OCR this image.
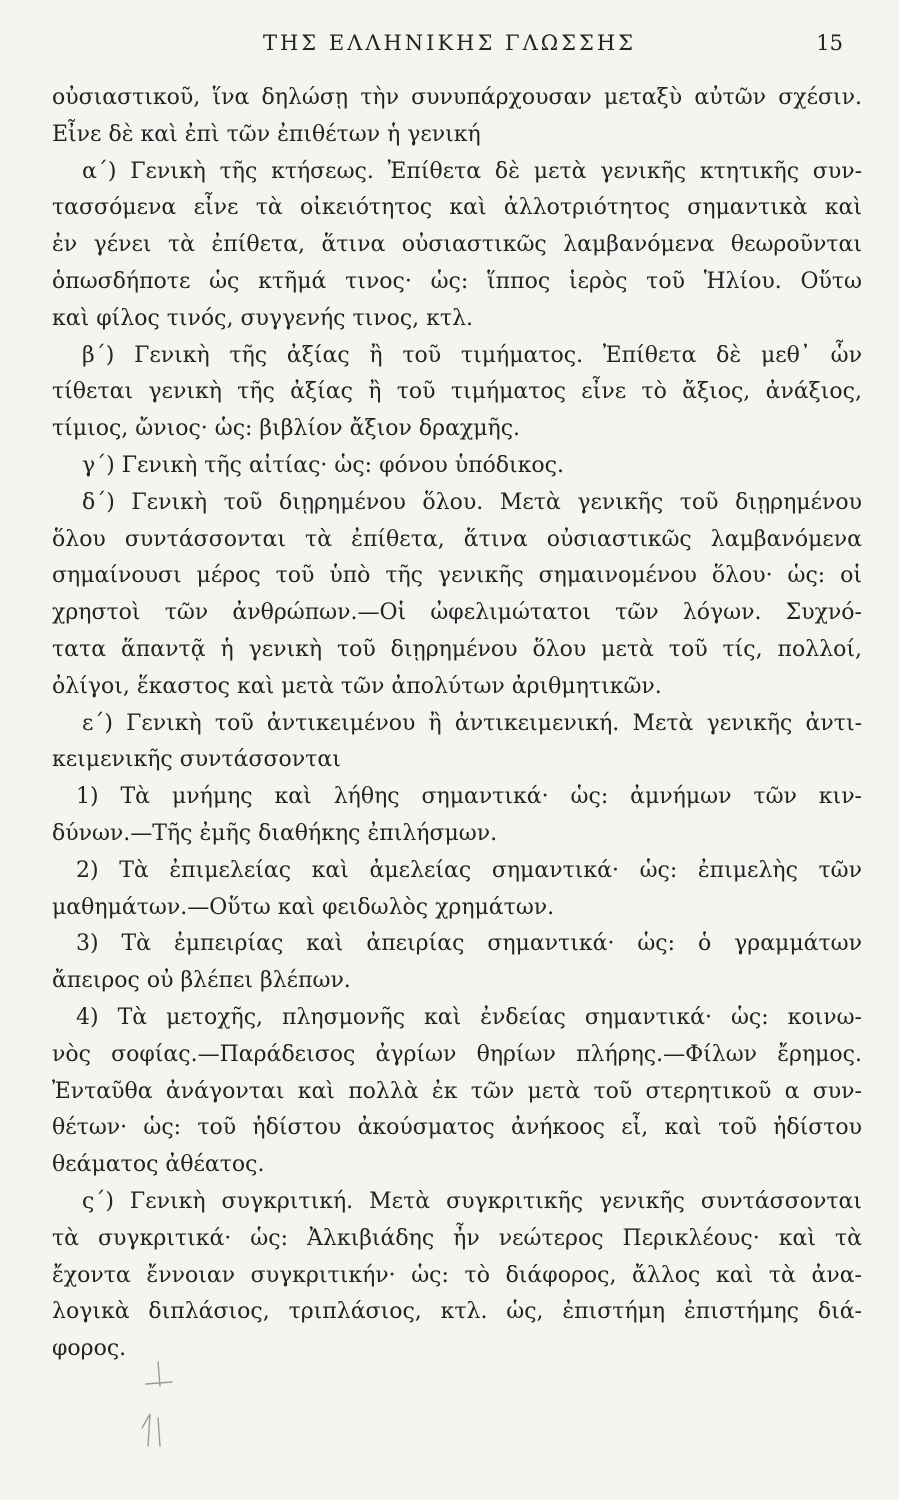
ΤΗΣ ΕΛΛΗΝΙΚΗΣ ΓΛΩΣΣΗΣ	15
οὐσιαστικοῦ, ἵνα δηλώσῃ τὴν συνυπάρχουσαν μεταξὺ αὐτῶν σχέσιν.
Εἶνε δὲ καὶ ἐπὶ τῶν ἐπιθέτων ἡ γενική
α΄) Γενικὴ τῆς κτήσεως. Ἐπίθετα δὲ μετὰ γενικῆς κτητικῆς συν-
τασσόμενα εἶνε τὰ οἰκειότητος καὶ ἀλλοτριότητος σημαντικὰ καὶ
ἐν γένει τὰ ἐπίθετα, ἅτινα οὐσιαστικῶς λαμβανόμενα θεωροῦνται
ὁπωσδήποτε ὡς κτῆμά τινος· ὡς: ἵππος ἱερὸς τοῦ Ἡλίου. Οὕτω
καὶ φίλος τινός, συγγενής τινος, κτλ.
β΄) Γενικὴ τῆς ἀξίας ἢ τοῦ τιμήματος. Ἐπίθετα δὲ μεθ᾽ ὧν
τίθεται γενικὴ τῆς ἀξίας ἢ τοῦ τιμήματος εἶνε τὸ ἄξιος, ἀνάξιος,
τίμιος, ὤνιος· ὡς: βιβλίον ἄξιον δραχμῆς.
γ΄) Γενικὴ τῆς αἰτίας· ὡς: φόνου ὑπόδικος.
δ΄) Γενικὴ τοῦ διῃρημένου ὅλου. Μετὰ γενικῆς τοῦ διῃρημένου
ὅλου συντάσσονται τὰ ἐπίθετα, ἅτινα οὐσιαστικῶς λαμβανόμενα
σημαίνουσι μέρος τοῦ ὑπὸ τῆς γενικῆς σημαινομένου ὅλου· ὡς: οἱ
χρηστοὶ τῶν ἀνθρώπων.—Οἱ ὠφελιμώτατοι τῶν λόγων. Συχνό-
τατα ἅπαντᾷ ἡ γενικὴ τοῦ διῃρημένου ὅλου μετὰ τοῦ τίς, πολλοί,
ὀλίγοι, ἕκαστος καὶ μετὰ τῶν ἀπολύτων ἀριθμητικῶν.
ε΄) Γενικὴ τοῦ ἀντικειμένου ἢ ἀντικειμενική. Μετὰ γενικῆς ἀντι-
κειμενικῆς συντάσσονται
1) Τὰ μνήμης καὶ λήθης σημαντικά· ὡς: ἀμνήμων τῶν κιν-
δύνων.—Τῆς ἐμῆς διαθήκης ἐπιλήσμων.
2) Τὰ ἐπιμελείας καὶ ἀμελείας σημαντικά· ὡς: ἐπιμελὴς τῶν
μαθημάτων.—Οὕτω καὶ φειδωλὸς χρημάτων.
3) Τὰ ἐμπειρίας καὶ ἀπειρίας σημαντικά· ὡς: ὁ γραμμάτων
ἄπειρος οὐ βλέπει βλέπων.
4) Τὰ μετοχῆς, πλησμονῆς καὶ ἐνδείας σημαντικά· ὡς: κοινω-
νὸς σοφίας.—Παράδεισος ἀγρίων θηρίων πλήρης.—Φίλων ἔρημος.
Ἐνταῦθα ἀνάγονται καὶ πολλὰ ἐκ τῶν μετὰ τοῦ στερητικοῦ α συν-
θέτων· ὡς: τοῦ ἡδίστου ἀκούσματος ἀνήκοος εἶ, καὶ τοῦ ἡδίστου
θεάματος ἀθέατος.
ς΄) Γενικὴ συγκριτική. Μετὰ συγκριτικῆς γενικῆς συντάσσονται
τὰ συγκριτικά· ὡς: Ἀλκιβιάδης ἦν νεώτερος Περικλέους· καὶ τὰ
ἔχοντα ἔννοιαν συγκριτικήν· ὡς: τὸ διάφορος, ἄλλος καὶ τὰ ἀνα-
λογικὰ διπλάσιος, τριπλάσιος, κτλ. ὡς, ἐπιστήμη ἐπιστήμης διά-
φορος.
